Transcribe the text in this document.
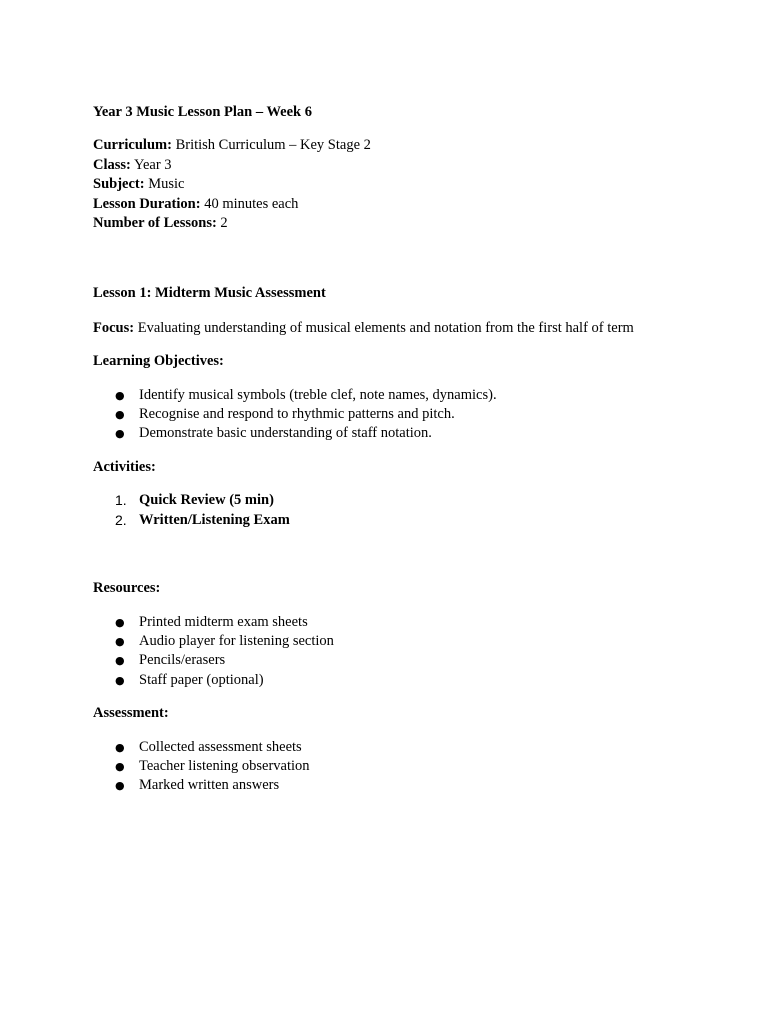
Year 3 Music Lesson Plan – Week 6

Curriculum: British Curriculum – Key Stage 2

Class: Year 3

Subject: Music

Lesson Duration: 40 minutes each

Number of Lessons: 2

Lesson 1: Midterm Music Assessment

Focus: Evaluating understanding of musical elements and notation from the first half of term

Learning Objectives:

● Identify musical symbols (treble clef, note names, dynamics).
● Recognise and respond to rhythmic patterns and pitch.
● Demonstrate basic understanding of staff notation.

Activities:

1. Quick Review (5 min)
2. Written/Listening Exam

Resources:

● Printed midterm exam sheets
● Audio player for listening section
● Pencils/erasers
● Staff paper (optional)

Assessment:

● Collected assessment sheets
● Teacher listening observation
● Marked written answers
